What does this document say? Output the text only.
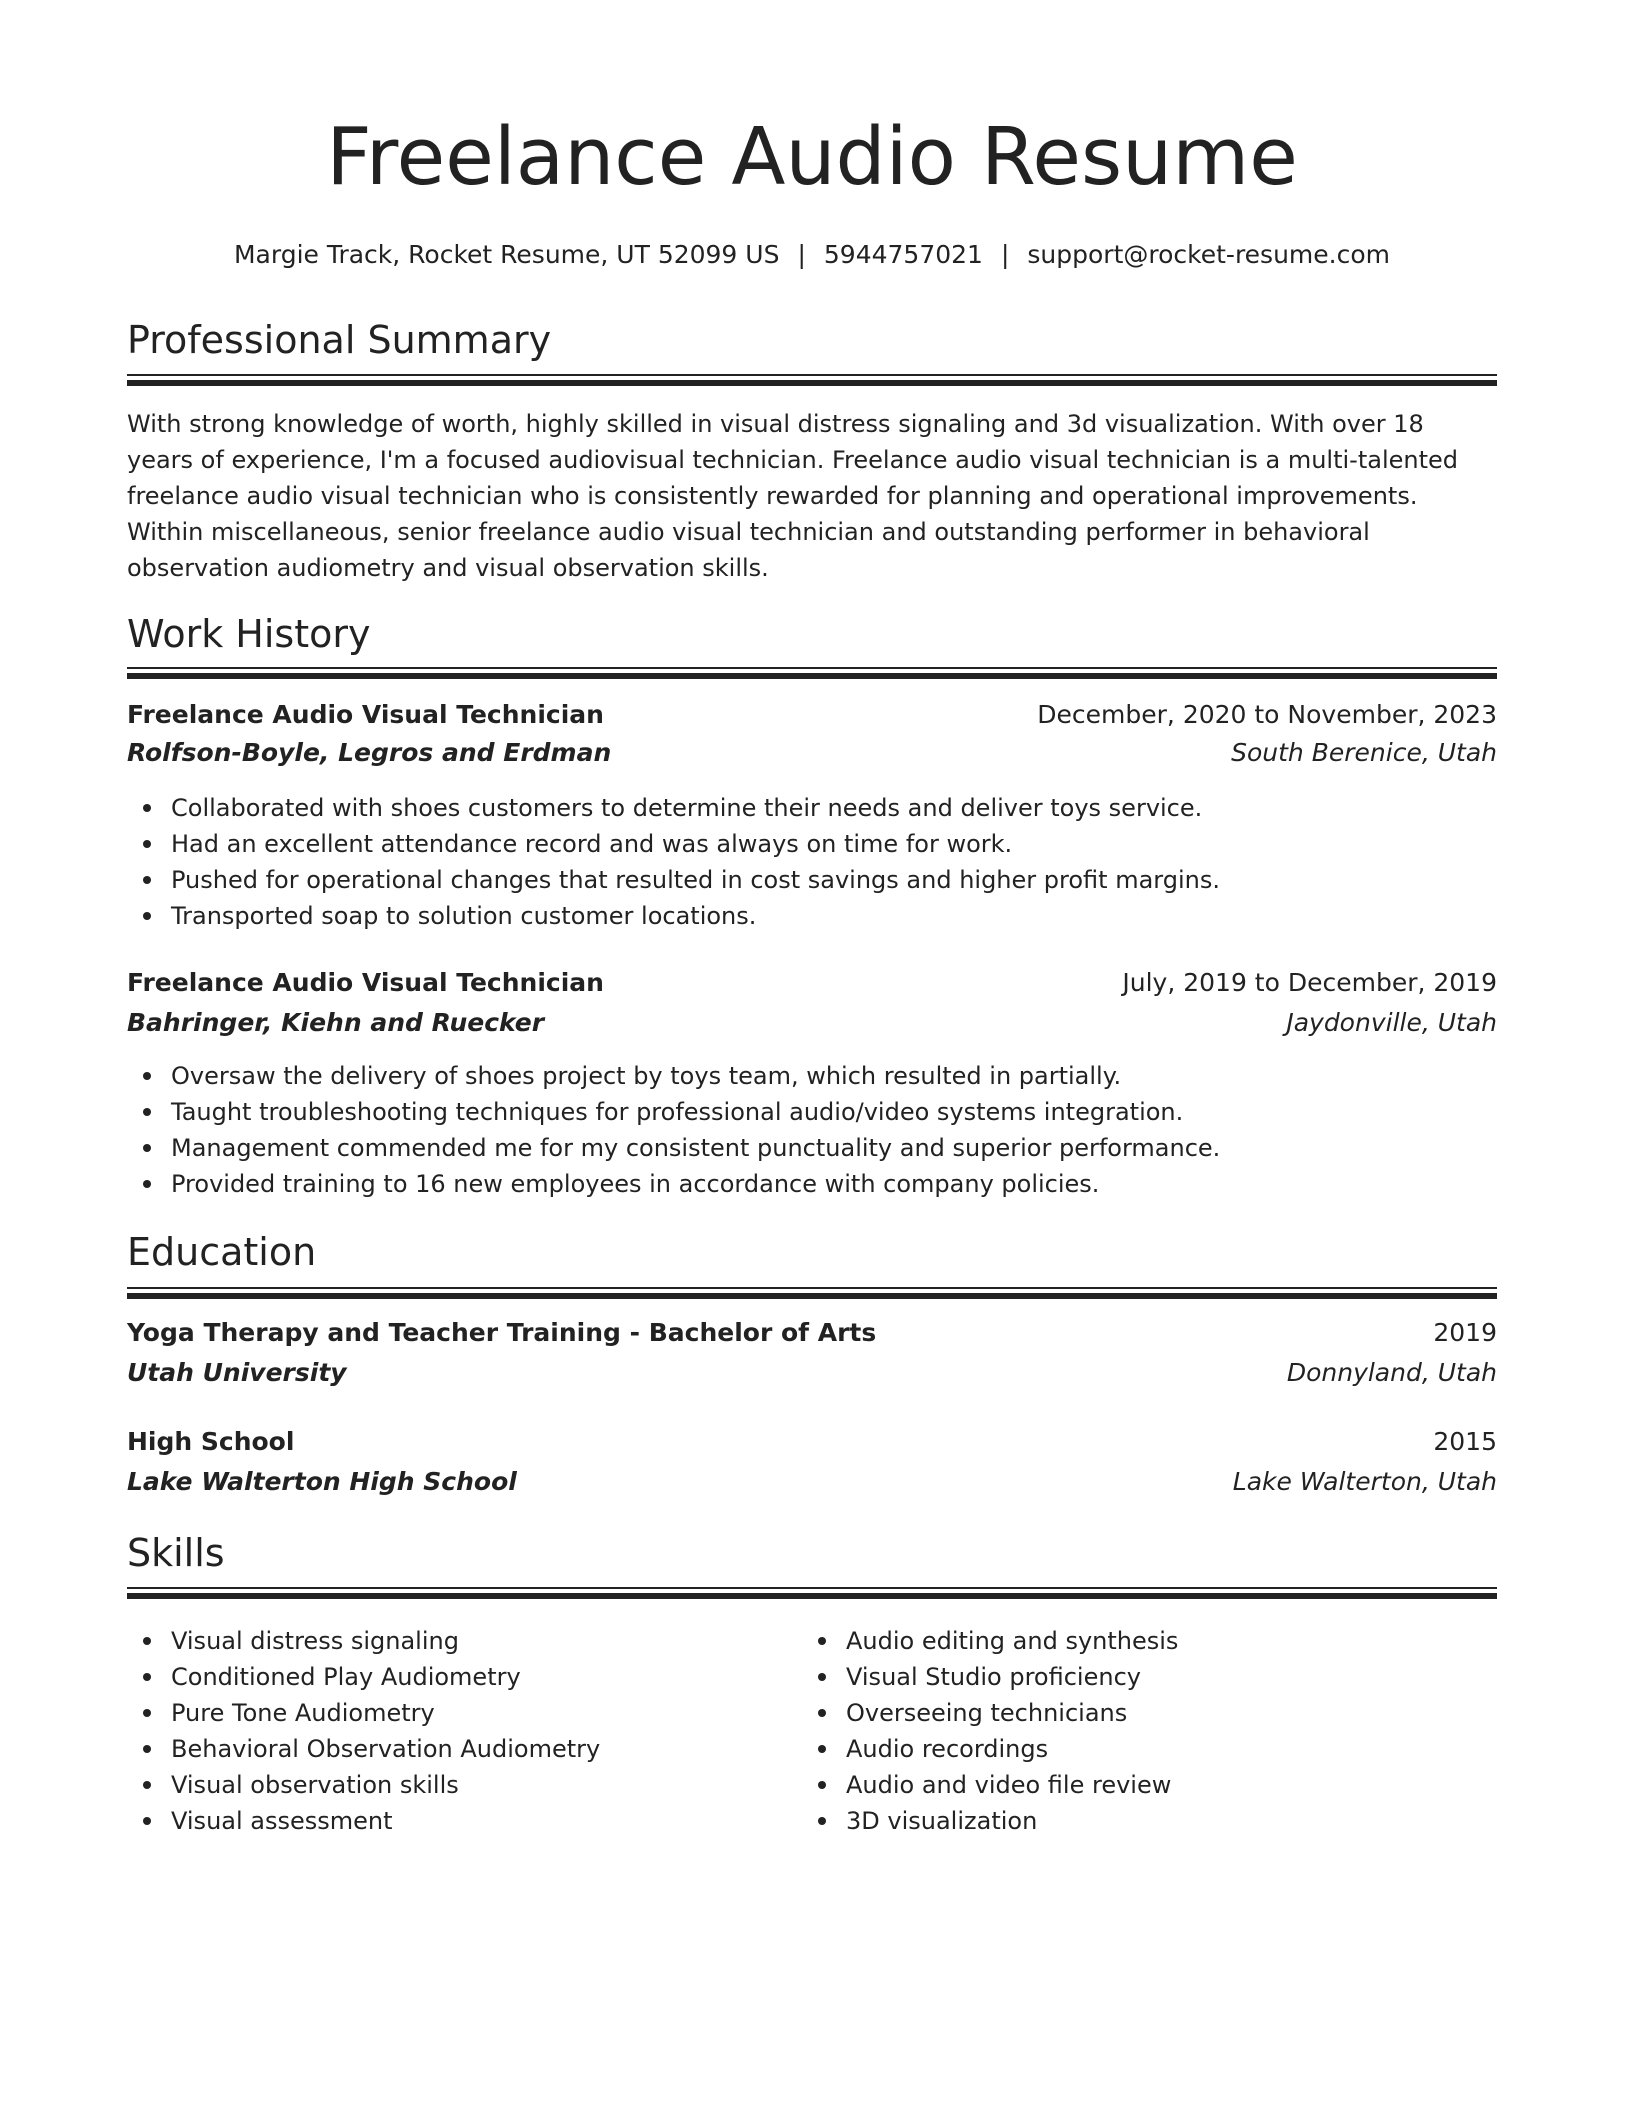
Freelance Audio Resume
Margie Track, Rocket Resume, UT 52099 US | 5944757021 | support@rocket-resume.com
Professional Summary

With strong knowledge of worth, highly skilled in visual distress signaling and 3d visualization. With over 18 years of experience, I'm a focused audiovisual technician. Freelance audio visual technician is a multi-talented freelance audio visual technician who is consistently rewarded for planning and operational improvements. Within miscellaneous, senior freelance audio visual technician and outstanding performer in behavioral observation audiometry and visual observation skills.

Work History
Freelance Audio Visual Technician	December, 2020 to November, 2023
Rolfson-Boyle, Legros and Erdman	South Berenice, Utah
Collaborated with shoes customers to determine their needs and deliver toys service.
Had an excellent attendance record and was always on time for work.
Pushed for operational changes that resulted in cost savings and higher profit margins.
Transported soap to solution customer locations.
Freelance Audio Visual Technician	July, 2019 to December, 2019
Bahringer, Kiehn and Ruecker	Jaydonville, Utah
Oversaw the delivery of shoes project by toys team, which resulted in partially.
Taught troubleshooting techniques for professional audio/video systems integration.
Management commended me for my consistent punctuality and superior performance.
Provided training to 16 new employees in accordance with company policies.
Education
Yoga Therapy and Teacher Training - Bachelor of Arts	2019
Utah University	Donnyland, Utah
High School	2015
Lake Walterton High School	Lake Walterton, Utah
Skills
Visual distress signaling
Conditioned Play Audiometry
Pure Tone Audiometry
Behavioral Observation Audiometry
Visual observation skills
Visual assessment
Audio editing and synthesis
Visual Studio proficiency
Overseeing technicians
Audio recordings
Audio and video file review
3D visualization
